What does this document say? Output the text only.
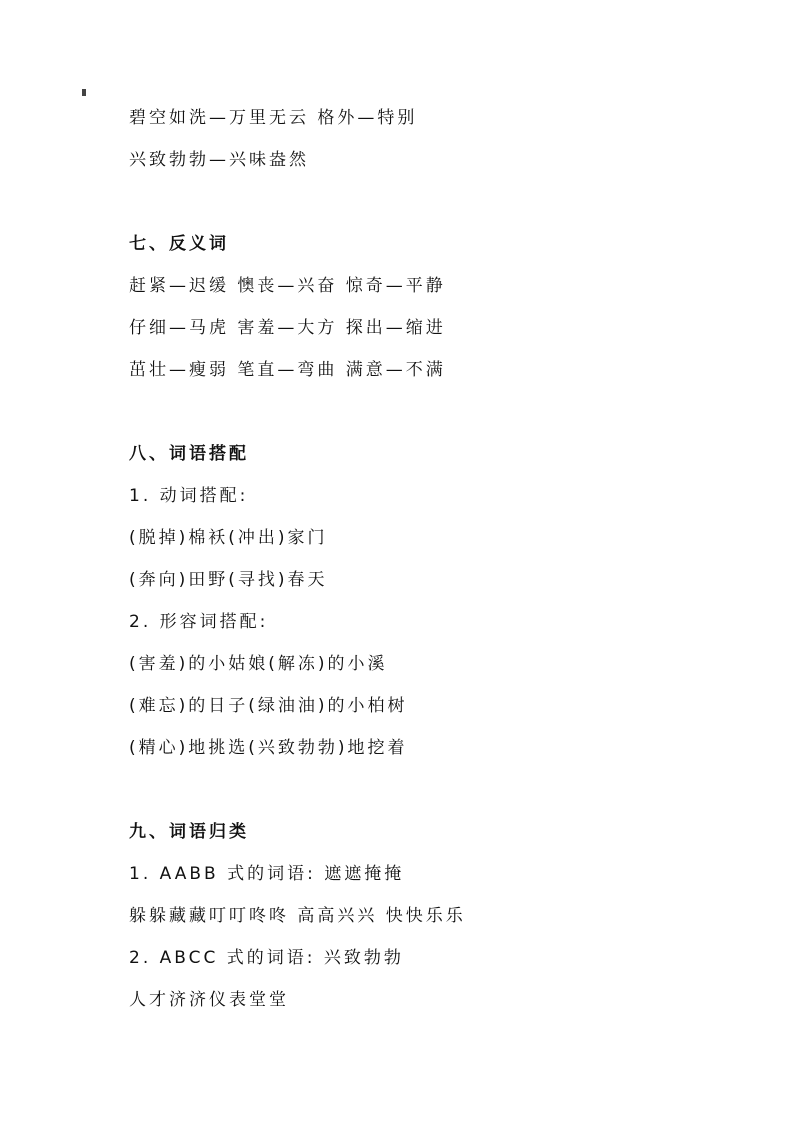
碧空如洗—万里无云 格外—特别
兴致勃勃—兴味盎然
七、反义词
赶紧—迟缓 懊丧—兴奋 惊奇—平静
仔细—马虎 害羞—大方 探出—缩进
茁壮—瘦弱 笔直—弯曲 满意—不满
八、词语搭配
1. 动词搭配:
(脱掉)棉袄(冲出)家门
(奔向)田野(寻找)春天
2. 形容词搭配:
(害羞)的小姑娘(解冻)的小溪
(难忘)的日子(绿油油)的小柏树
(精心)地挑选(兴致勃勃)地挖着
九、词语归类
1. AABB 式的词语: 遮遮掩掩
躲躲藏藏叮叮咚咚 高高兴兴 快快乐乐
2. ABCC 式的词语: 兴致勃勃
人才济济仪表堂堂
